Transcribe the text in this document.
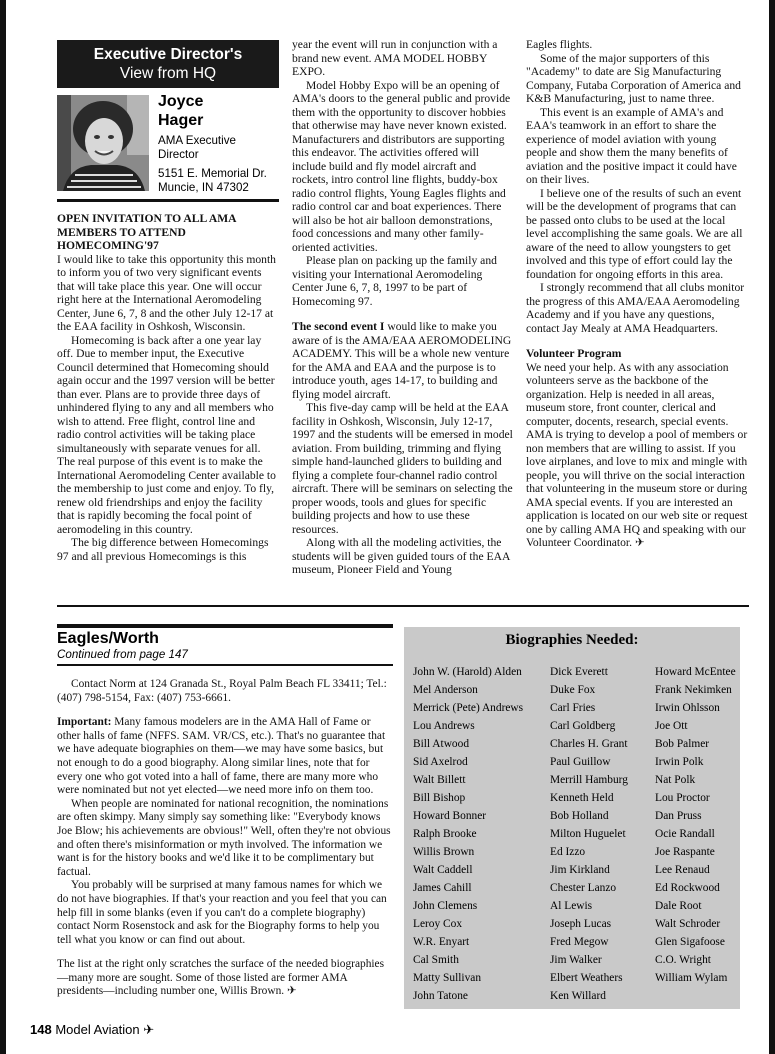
Executive Director's
View from HQ
Joyce
Hager
AMA Executive
Director
5151 E. Memorial Dr.
Muncie, IN 47302
OPEN INVITATION TO ALL AMA MEMBERS TO ATTEND HOMECOMING'97

I would like to take this opportunity this month to inform you of two very significant events that will take place this year. One will occur right here at the International Aeromodeling Center, June 6, 7, 8 and the other July 12-17 at the EAA facility in Oshkosh, Wisconsin.

Homecoming is back after a one year lay off. Due to member input, the Executive Council determined that Homecoming should again occur and the 1997 version will be better than ever. Plans are to provide three days of unhindered flying to any and all members who wish to attend. Free flight, control line and radio control activities will be taking place simultaneously with separate venues for all. The real purpose of this event is to make the International Aeromodeling Center available to the membership to just come and enjoy. To fly, renew old friendrships and enjoy the facility that is rapidly becoming the focal point of aeromodeling in this country.

The big difference between Homecomings 97 and all previous Homecomings is this

year the event will run in conjunction with a brand new event. AMA MODEL HOBBY EXPO.

Model Hobby Expo will be an opening of AMA's doors to the general public and provide them with the opportunity to discover hobbies that otherwise may have never known existed. Manufacturers and distributors are supporting this endeavor. The activities offered will include build and fly model aircraft and rockets, intro control line flights, buddy-box radio control flights, Young Eagles flights and radio control car and boat experiences. There will also be hot air balloon demonstrations, food concessions and many other family-oriented activities.

Please plan on packing up the family and visiting your International Aeromodeling Center June 6, 7, 8, 1997 to be part of Homecoming 97.

The second event I would like to make you aware of is the AMA/EAA AEROMODELING ACADEMY. This will be a whole new venture for the AMA and EAA and the purpose is to introduce youth, ages 14-17, to building and flying model aircraft.

This five-day camp will be held at the EAA facility in Oshkosh, Wisconsin, July 12-17, 1997 and the students will be emersed in model aviation. From building, trimming and flying simple hand-launched gliders to building and flying a complete four-channel radio control aircraft. There will be seminars on selecting the proper woods, tools and glues for specific building projects and how to use these resources.

Along with all the modeling activities, the students will be given guided tours of the EAA museum, Pioneer Field and Young

Eagles flights.

Some of the major supporters of this "Academy" to date are Sig Manufacturing Company, Futaba Corporation of America and K&B Manufacturing, just to name three.

This event is an example of AMA's and EAA's teamwork in an effort to share the experience of model aviation with young people and show them the many benefits of aviation and the positive impact it could have on their lives.

I believe one of the results of such an event will be the development of programs that can be passed onto clubs to be used at the local level accomplishing the same goals. We are all aware of the need to allow youngsters to get involved and this type of effort could lay the foundation for ongoing efforts in this area.

I strongly recommend that all clubs monitor the progress of this AMA/EAA Aeromodeling Academy and if you have any questions, contact Jay Mealy at AMA Headquarters.

Volunteer Program

We need your help. As with any association volunteers serve as the backbone of the organization. Help is needed in all areas, museum store, front counter, clerical and computer, docents, research, special events. AMA is trying to develop a pool of members or non members that are willing to assist. If you love airplanes, and love to mix and mingle with people, you will thrive on the social interaction that volunteering in the museum store or during AMA special events. If you are interested an application is located on our web site or request one by calling AMA HQ and speaking with our Volunteer Coordinator. ✈

Eagles/Worth
Continued from page 147

Contact Norm at 124 Granada St., Royal Palm Beach FL 33411; Tel.: (407) 798-5154, Fax: (407) 753-6661.

Important: Many famous modelers are in the AMA Hall of Fame or other halls of fame (NFFS. SAM. VR/CS, etc.). That's no guarantee that we have adequate biographies on them—we may have some basics, but not enough to do a good biography. Along similar lines, note that for every one who got voted into a hall of fame, there are many more who were nominated but not yet elected—we need more info on them too.

When people are nominated for national recognition, the nominations are often skimpy. Many simply say something like: "Everybody knows Joe Blow; his achievements are obvious!" Well, often they're not obvious and often there's misinformation or myth involved. The information we want is for the history books and we'd like it to be complimentary but factual.

You probably will be surprised at many famous names for which we do not have biographies. If that's your reaction and you feel that you can help fill in some blanks (even if you can't do a complete biography) contact Norm Rosenstock and ask for the Biography forms to help you tell what you know or can find out about.

The list at the right only scratches the surface of the needed biographies—many more are sought. Some of those listed are former AMA presidents—including number one, Willis Brown. ✈

Biographies Needed:
John W. (Harold) Alden
Mel Anderson
Merrick (Pete) Andrews
Lou Andrews
Bill Atwood
Sid Axelrod
Walt Billett
Bill Bishop
Howard Bonner
Ralph Brooke
Willis Brown
Walt Caddell
James Cahill
John Clemens
Leroy Cox
W.R. Enyart
Cal Smith
Matty Sullivan
John Tatone
Dick Everett
Duke Fox
Carl Fries
Carl Goldberg
Charles H. Grant
Paul Guillow
Merrill Hamburg
Kenneth Held
Bob Holland
Milton Huguelet
Ed Izzo
Jim Kirkland
Chester Lanzo
Al Lewis
Joseph Lucas
Fred Megow
Jim Walker
Elbert Weathers
Ken Willard
Howard McEntee
Frank Nekimken
Irwin Ohlsson
Joe Ott
Bob Palmer
Irwin Polk
Nat Polk
Lou Proctor
Dan Pruss
Ocie Randall
Joe Raspante
Lee Renaud
Ed Rockwood
Dale Root
Walt Schroder
Glen Sigafoose
C.O. Wright
William Wylam
148 Model Aviation ✈
